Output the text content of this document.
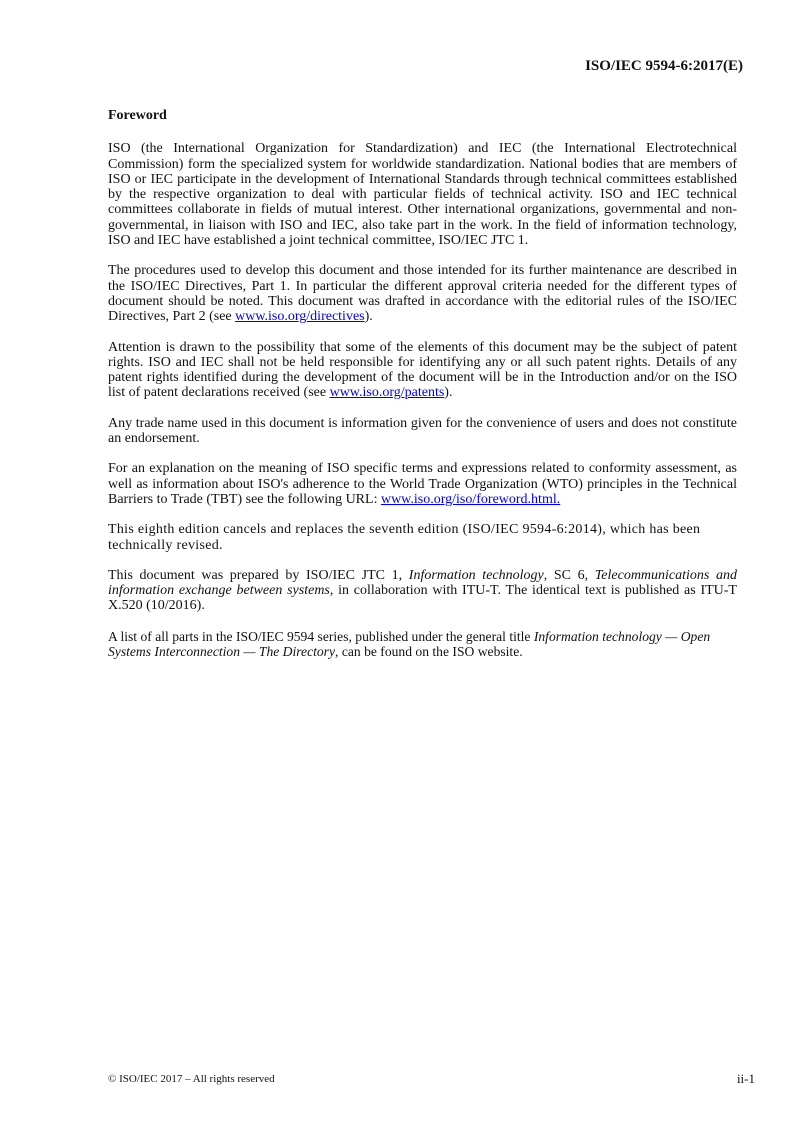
ISO/IEC 9594-6:2017(E)
Foreword

ISO (the International Organization for Standardization) and IEC (the International Electrotechnical Commission) form the specialized system for worldwide standardization. National bodies that are members of ISO or IEC participate in the development of International Standards through technical committees established by the respective organization to deal with particular fields of technical activity. ISO and IEC technical committees collaborate in fields of mutual interest. Other international organizations, governmental and non-governmental, in liaison with ISO and IEC, also take part in the work. In the field of information technology, ISO and IEC have established a joint technical committee, ISO/IEC JTC 1.

The procedures used to develop this document and those intended for its further maintenance are described in the ISO/IEC Directives, Part 1. In particular the different approval criteria needed for the different types of document should be noted. This document was drafted in accordance with the editorial rules of the ISO/IEC Directives, Part 2 (see www.iso.org/directives).

Attention is drawn to the possibility that some of the elements of this document may be the subject of patent rights. ISO and IEC shall not be held responsible for identifying any or all such patent rights. Details of any patent rights identified during the development of the document will be in the Introduction and/or on the ISO list of patent declarations received (see www.iso.org/patents).

Any trade name used in this document is information given for the convenience of users and does not constitute an endorsement.

For an explanation on the meaning of ISO specific terms and expressions related to conformity assessment, as well as information about ISO's adherence to the World Trade Organization (WTO) principles in the Technical Barriers to Trade (TBT) see the following URL: www.iso.org/iso/foreword.html.

This eighth edition cancels and replaces the seventh edition (ISO/IEC 9594-6:2014), which has been technically revised.

This document was prepared by ISO/IEC JTC 1, Information technology, SC 6, Telecommunications and information exchange between systems, in collaboration with ITU-T. The identical text is published as ITU-T X.520 (10/2016).

A list of all parts in the ISO/IEC 9594 series, published under the general title Information technology — Open Systems Interconnection — The Directory, can be found on the ISO website.

© ISO/IEC 2017 – All rights reserved	ii-1
